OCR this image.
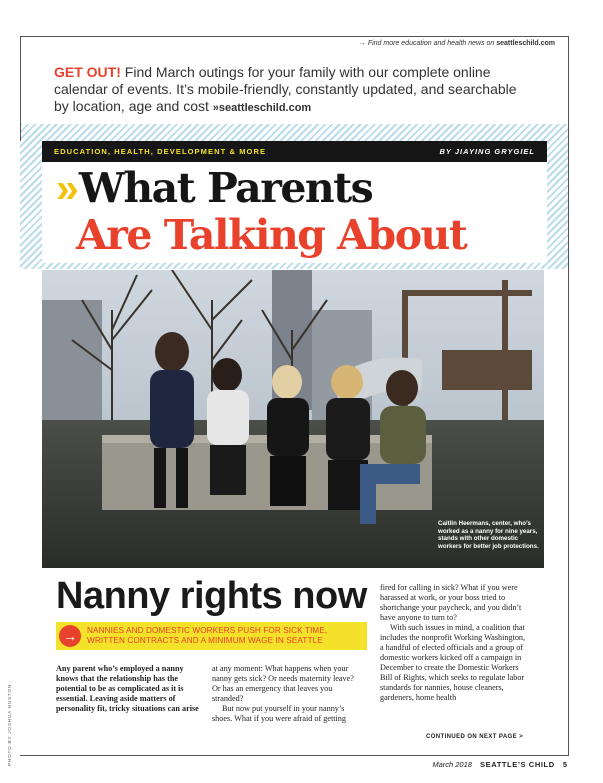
→ Find more education and health news on seattleschild.com
GET OUT! Find March outings for your family with our complete online calendar of events. It’s mobile-friendly, constantly updated, and searchable by location, age and cost »seattleschild.com
EDUCATION, HEALTH, DEVELOPMENT & MORE	BY JIAYING GRYGIEL
»What Parents
Are Talking About
Caitlin Heermans, center, who’s worked as a nanny for nine years, stands with other domestic workers for better job protections.
Nanny rights now
→	NANNIES AND DOMESTIC WORKERS PUSH FOR SICK TIME,
WRITTEN CONTRACTS AND A MINIMUM WAGE IN SEATTLE

Any parent who’s employed a nanny knows that the relationship has the potential to be as complicated as it is essential. Leaving aside matters of personality fit, tricky situations can arise

at any moment: What happens when your nanny gets sick? Or needs maternity leave? Or has an emergency that leaves you stranded?

But now put yourself in your nanny’s shoes. What if you were afraid of getting

fired for calling in sick? What if you were harassed at work, or your boss tried to shortchange your paycheck, and you didn’t have anyone to turn to?

With such issues in mind, a coalition that includes the nonprofit Working Washington, a handful of elected officials and a group of domestic workers kicked off a campaign in December to create the Domestic Workers Bill of Rights, which seeks to regulate labor standards for nannies, house cleaners, gardeners, home health

CONTINUED ON NEXT PAGE >
PHOTO BY JOSHUA HUSTON	March 2018 SEATTLE’S CHILD 5
